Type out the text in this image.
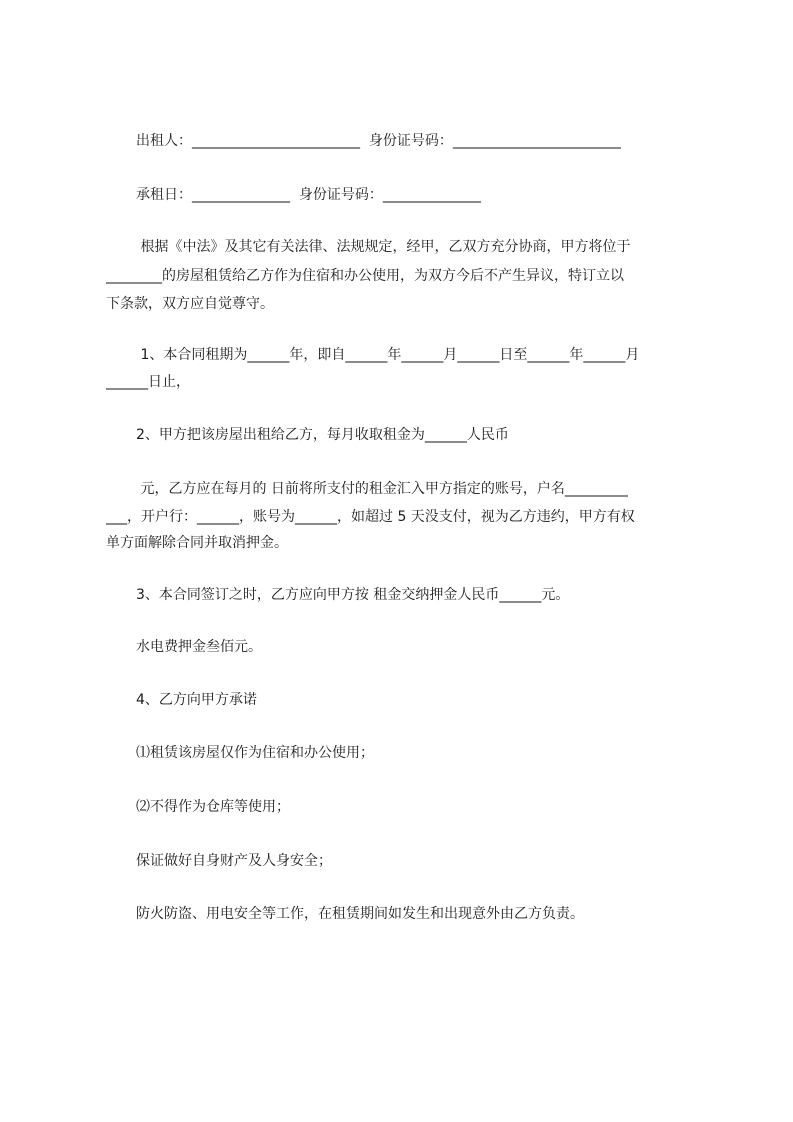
出租人：________________________  身份证号码：________________________
承租日：______________  身份证号码：______________
根据《中法》及其它有关法律、法规规定，经甲，乙双方充分协商，甲方将位于
________的房屋租赁给乙方作为住宿和办公使用，为双方今后不产生异议，特订立以
下条款，双方应自觉尊守。
1、本合同租期为______年，即自______年______月______日至______年______月
______日止，
2、甲方把该房屋出租给乙方，每月收取租金为______人民币
元，乙方应在每月的 日前将所支付的租金汇入甲方指定的账号，户名_________
___，开户行：______，账号为______，如超过 5 天没支付，视为乙方违约，甲方有权
单方面解除合同并取消押金。
3、本合同签订之时，乙方应向甲方按 租金交纳押金人民币______元。
水电费押金叁佰元。
4、乙方向甲方承诺
⑴租赁该房屋仅作为住宿和办公使用；
⑵不得作为仓库等使用；
保证做好自身财产及人身安全；
防火防盗、用电安全等工作，在租赁期间如发生和出现意外由乙方负责。
